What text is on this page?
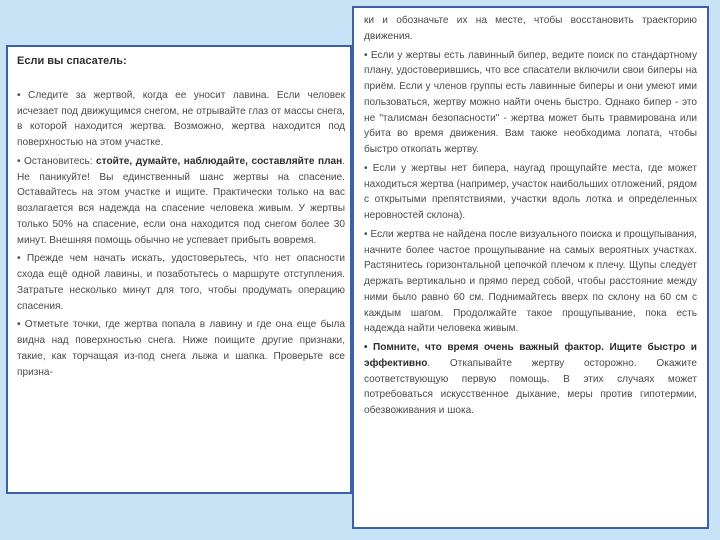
Если вы спасатель:

• Следите за жертвой, когда ее уносит лавина. Если человек исчезает под движущимся снегом, не отрывайте глаз от массы снега, в которой находится жертва. Возможно, жертва находится под поверхностью на этом участке.

• Остановитесь: стойте, думайте, наблюдайте, составляйте план. Не паникуйте! Вы единственный шанс жертвы на спасение. Оставайтесь на этом участке и ищите. Практически только на вас возлагается вся надежда на спасение человека живым. У жертвы только 50% на спасение, если она находится под снегом более 30 минут. Внешняя помощь обычно не успевает прибыть вовремя.

• Прежде чем начать искать, удостоверьтесь, что нет опасности схода ещё одной лавины, и позаботьтесь о маршруте отступления. Затратьте несколько минут для того, чтобы продумать операцию спасения.

• Отметьте точки, где жертва попала в лавину и где она еще была видна над поверхностью снега. Ниже поищите другие признаки, такие, как торчащая из-под снега лыжа и шапка. Проверьте все призна-

ки и обозначьте их на месте, чтобы восстановить траекторию движения.

• Если у жертвы есть лавинный бипер, ведите поиск по стандартному плану, удостоверившись, что все спасатели включили свои биперы на приём. Если у членов группы есть лавинные биперы и они умеют ими пользоваться, жертву можно найти очень быстро. Однако бипер - это не "талисман безопасности" - жертва может быть травмирована или убита во время движения. Вам также необходима лопата, чтобы быстро откопать жертву.

• Если у жертвы нет бипера, наугад прощупайте места, где может находиться жертва (например, участок наибольших отложений, рядом с открытыми препятствиями, участки вдоль лотка и определенных неровностей склона).

• Если жертва не найдена после визуального поиска и прощупывания, начните более частое прощупывание на самых вероятных участках. Растянитесь горизонтальной цепочкой плечом к плечу. Щупы следует держать вертикально и прямо перед собой, чтобы расстояние между ними было равно 60 см. Поднимайтесь вверх по склону на 60 см с каждым шагом. Продолжайте такое прощупывание, пока есть надежда найти человека живым.

• Помните, что время очень важный фактор. Ищите быстро и эффективно. Откапывайте жертву осторожно. Окажите соответствующую первую помощь. В этих случаях может потребоваться искусственное дыхание, меры против гипотермии, обезвоживания и шока.
